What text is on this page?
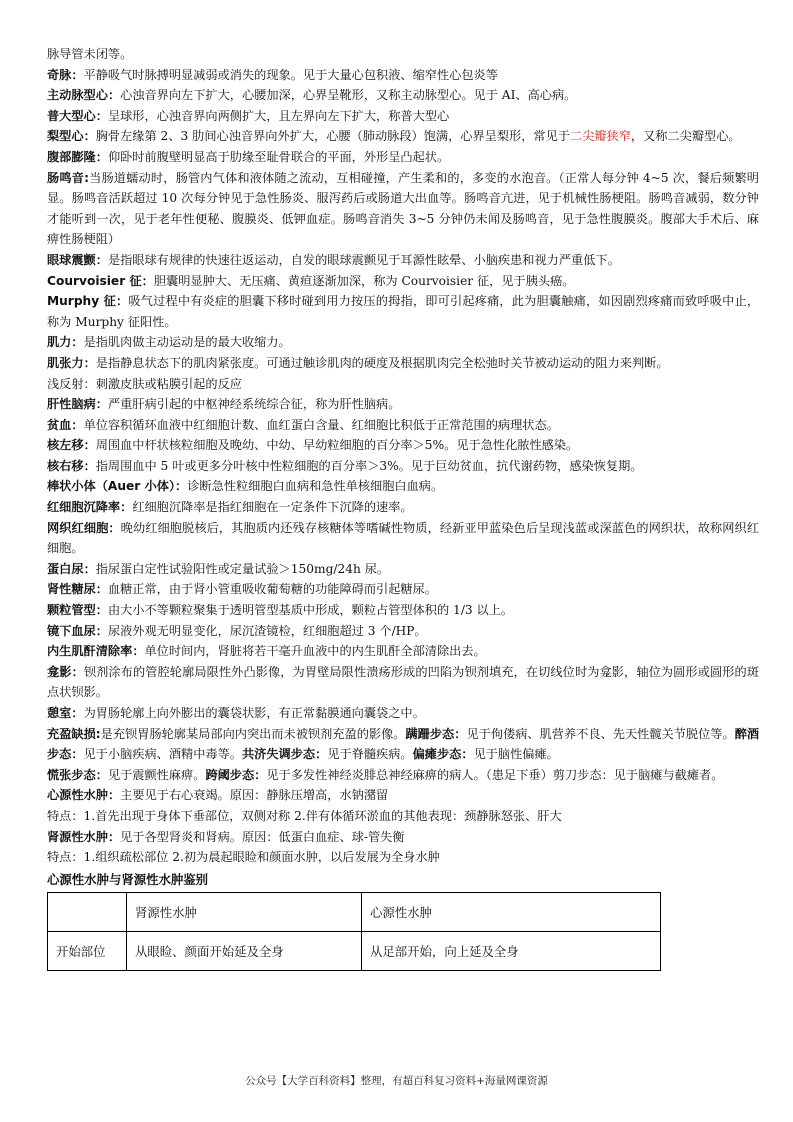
脉导管未闭等。

奇脉：平静吸气时脉搏明显减弱或消失的现象。见于大量心包积液、缩窄性心包炎等

主动脉型心：心浊音界向左下扩大，心腰加深，心界呈靴形，又称主动脉型心。见于 AI、高心病。

普大型心：呈球形，心浊音界向两侧扩大，且左界向左下扩大，称普大型心

梨型心：胸骨左缘第 2、3 肋间心浊音界向外扩大，心腰（肺动脉段）饱满，心界呈梨形，常见于二尖瓣狭窄，又称二尖瓣型心。

腹部膨隆：仰卧时前腹壁明显高于肋缘至耻骨联合的平面，外形呈凸起状。

肠鸣音:当肠道蠕动时，肠管内气体和液体随之流动，互相碰撞，产生柔和的，多变的水泡音。（正常人每分钟 4~5 次，餐后频繁明显。肠鸣音活跃超过 10 次每分钟见于急性肠炎、服泻药后或肠道大出血等。肠鸣音亢进，见于机械性肠梗阻。肠鸣音减弱，数分钟才能听到一次，见于老年性便秘、腹膜炎、低钾血症。肠鸣音消失 3~5 分钟仍未闻及肠鸣音，见于急性腹膜炎。腹部大手术后、麻痹性肠梗阻）

眼球震颤：是指眼球有规律的快速往返运动，自发的眼球震颤见于耳源性眩晕、小脑疾患和视力严重低下。

Courvoisier 征：胆囊明显肿大、无压痛、黄疸逐渐加深，称为 Courvoisier 征，见于胰头癌。

Murphy 征：吸气过程中有炎症的胆囊下移时碰到用力按压的拇指，即可引起疼痛，此为胆囊触痛，如因剧烈疼痛而致呼吸中止，称为 Murphy 征阳性。

肌力：是指肌肉做主动运动是的最大收缩力。

肌张力：是指静息状态下的肌肉紧张度。可通过触诊肌肉的硬度及根据肌肉完全松弛时关节被动运动的阻力来判断。

浅反射：刺激皮肤或粘膜引起的反应

肝性脑病：严重肝病引起的中枢神经系统综合征，称为肝性脑病。

贫血：单位容积循环血液中红细胞计数、血红蛋白含量、红细胞比积低于正常范围的病理状态。

核左移：周围血中杆状核粒细胞及晚幼、中幼、早幼粒细胞的百分率＞5%。见于急性化脓性感染。

核右移：指周围血中 5 叶或更多分叶核中性粒细胞的百分率＞3%。见于巨幼贫血，抗代谢药物，感染恢复期。

棒状小体（Auer 小体）：诊断急性粒细胞白血病和急性单核细胞白血病。

红细胞沉降率：红细胞沉降率是指红细胞在一定条件下沉降的速率。

网织红细胞：晚幼红细胞脱核后，其胞质内还残存核糖体等嗜碱性物质，经新亚甲蓝染色后呈现浅蓝或深蓝色的网织状，故称网织红细胞。

蛋白尿：指尿蛋白定性试验阳性或定量试验＞150mg/24h 尿。

肾性糖尿：血糖正常，由于肾小管重吸收葡萄糖的功能障碍而引起糖尿。

颗粒管型：由大小不等颗粒聚集于透明管型基质中形成，颗粒占管型体积的 1/3 以上。

镜下血尿：尿液外观无明显变化，尿沉渣镜检，红细胞超过 3 个/HP。

内生肌酐清除率：单位时间内，肾脏将若干毫升血液中的内生肌酐全部清除出去。

龛影：钡剂涂布的管腔轮廓局限性外凸影像，为胃壁局限性溃疡形成的凹陷为钡剂填充，在切线位时为龛影，轴位为圆形或圆形的斑点状钡影。

憩室：为胃肠轮廓上向外膨出的囊袋状影，有正常黏膜通向囊袋之中。

充盈缺损:是充钡胃肠轮廓某局部向内突出而未被钡剂充盈的影像。蹒跚步态：见于佝偻病、肌营养不良、先天性髋关节脱位等。醉酒步态：见于小脑疾病、酒精中毒等。共济失调步态：见于脊髓疾病。偏瘫步态：见于脑性偏瘫。

慌张步态：见于震颤性麻痹。跨阈步态：见于多发性神经炎腓总神经麻痹的病人。（患足下垂）剪刀步态：见于脑瘫与截瘫者。

心源性水肿：主要见于右心衰竭。原因：静脉压增高，水钠潴留

特点：1.首先出现于身体下垂部位，双侧对称 2.伴有体循环淤血的其他表现：颈静脉怒张、肝大

肾源性水肿：见于各型肾炎和肾病。原因：低蛋白血症、球-管失衡

特点：1.组织疏松部位 2.初为晨起眼睑和颜面水肿，以后发展为全身水肿

心源性水肿与肾源性水肿鉴别
	肾源性水肿	心源性水肿
开始部位	从眼睑、颜面开始延及全身	从足部开始，向上延及全身
公众号【大学百科资料】整理，有超百科复习资料+海量网课资源
